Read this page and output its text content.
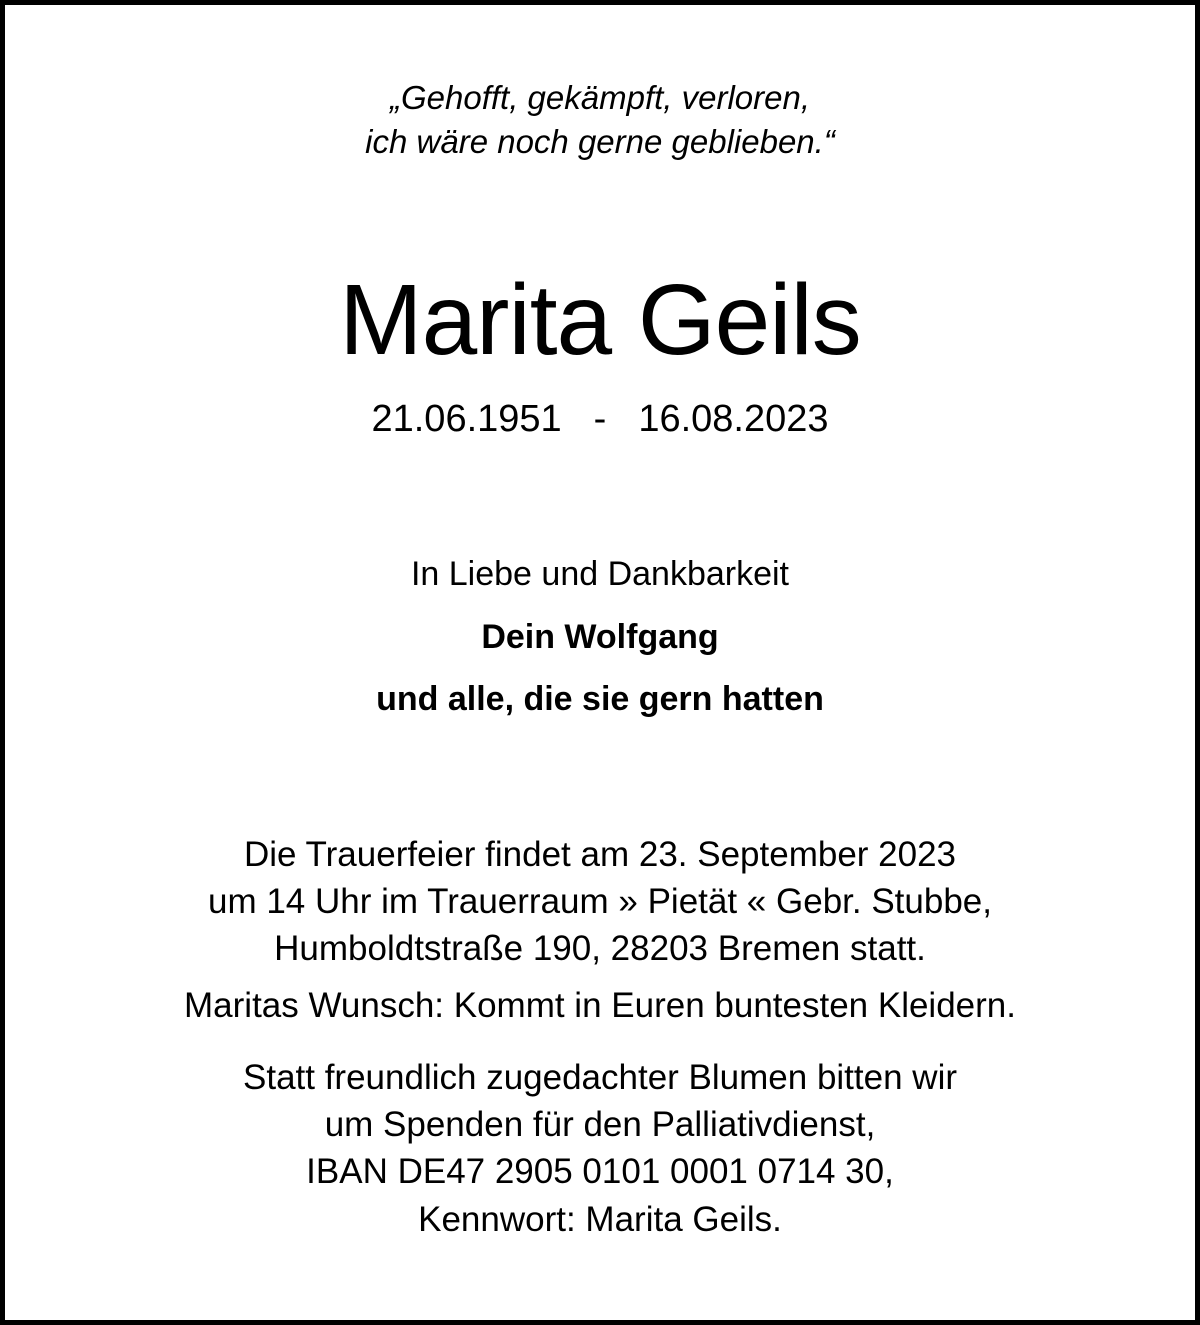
„Gehofft, gekämpft, verloren,
ich wäre noch gerne geblieben.“
Marita Geils
21.06.1951 - 16.08.2023
In Liebe und Dankbarkeit
Dein Wolfgang
und alle, die sie gern hatten
Die Trauerfeier findet am 23. September 2023
um 14 Uhr im Trauerraum » Pietät « Gebr. Stubbe,
Humboldtstraße 190, 28203 Bremen statt.
Maritas Wunsch: Kommt in Euren buntesten Kleidern.
Statt freundlich zugedachter Blumen bitten wir
um Spenden für den Palliativdienst,
IBAN DE47 2905 0101 0001 0714 30,
Kennwort: Marita Geils.
